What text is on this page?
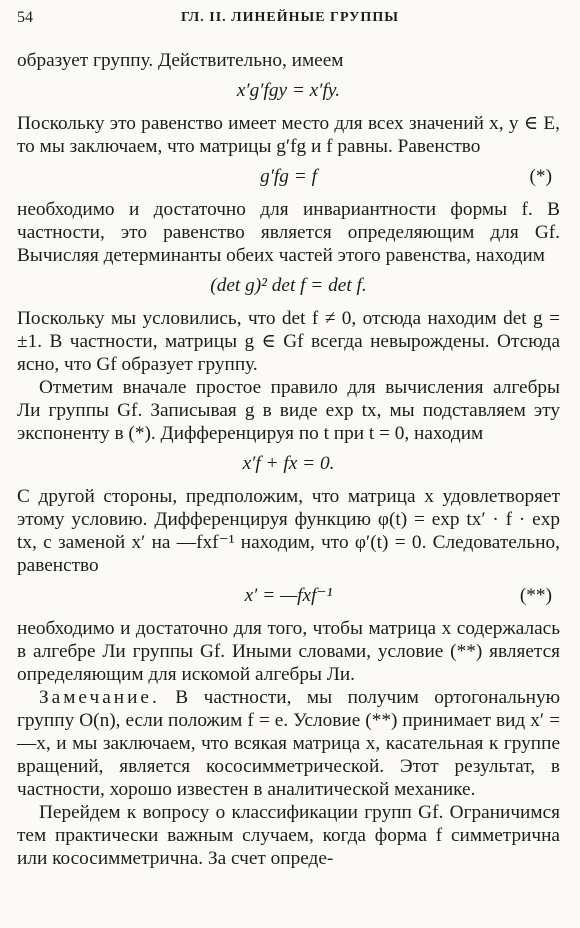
54	ГЛ. II. ЛИНЕЙНЫЕ ГРУППЫ

образует группу. Действительно, имеем

x′g′fgy = x′fy.

Поскольку это равенство имеет место для всех значений x, y ∈ E, то мы заключаем, что матрицы g′fg и f равны. Равенство

g′fg = f	(*)

необходимо и достаточно для инвариантности формы f. В частности, это равенство является определяющим для Gf. Вычисляя детерминанты обеих частей этого равенства, находим

(det g)² det f = det f.

Поскольку мы условились, что det f ≠ 0, отсюда находим det g = ±1. В частности, матрицы g ∈ Gf всегда невырождены. Отсюда ясно, что Gf образует группу.

Отметим вначале простое правило для вычисления алгебры Ли группы Gf. Записывая g в виде exp tx, мы подставляем эту экспоненту в (*). Дифференцируя по t при t = 0, находим

x′f + fx = 0.

С другой стороны, предположим, что матрица x удовлетворяет этому условию. Дифференцируя функцию φ(t) = exp tx′ · f · exp tx, с заменой x′ на —fxf⁻¹ находим, что φ′(t) = 0. Следовательно, равенство

x′ = —fxf⁻¹	(**)

необходимо и достаточно для того, чтобы матрица x содержалась в алгебре Ли группы Gf. Иными словами, условие (**) является определяющим для искомой алгебры Ли.

Замечание. В частности, мы получим ортогональную группу O(n), если положим f = e. Условие (**) принимает вид x′ = —x, и мы заключаем, что всякая матрица x, касательная к группе вращений, является кососимметрической. Этот результат, в частности, хорошо известен в аналитической механике.

Перейдем к вопросу о классификации групп Gf. Ограничимся тем практически важным случаем, когда форма f симметрична или кососимметрична. За счет опреде-
